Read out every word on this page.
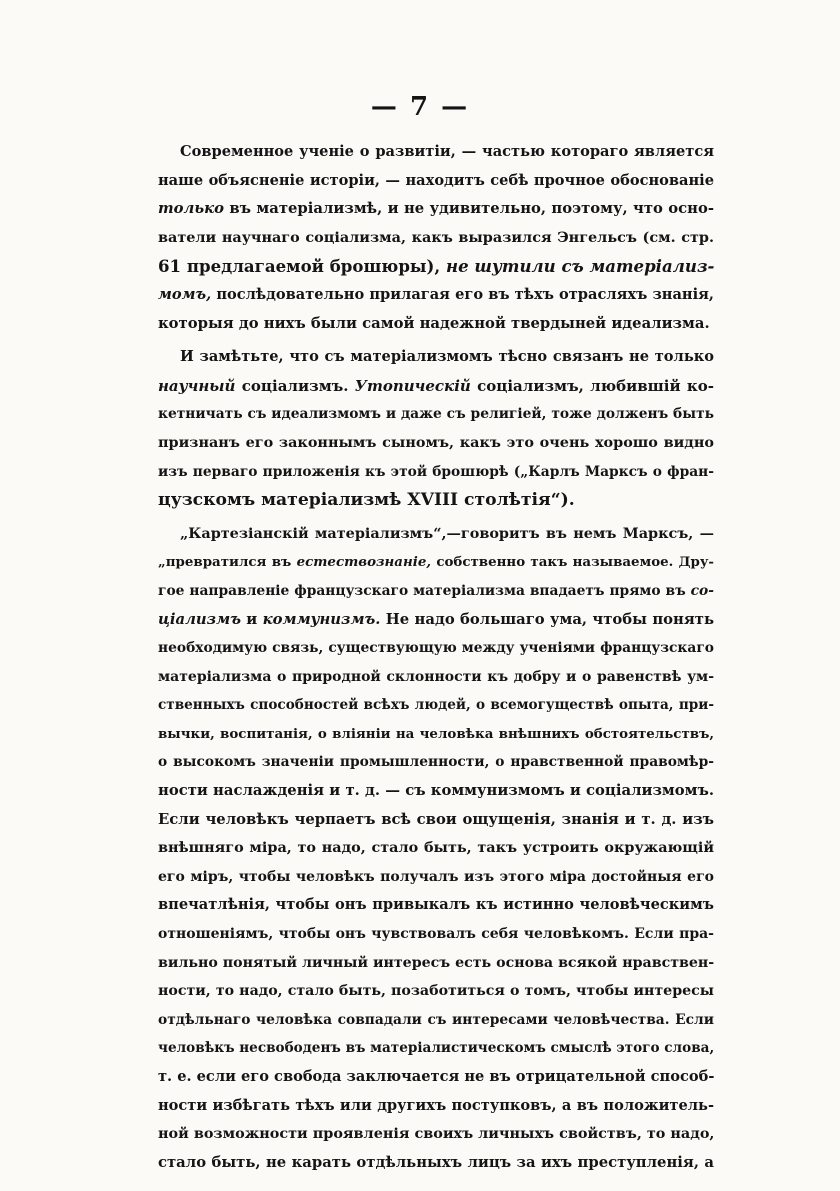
— 7 —
Современное ученiе о развитiи, — частью котораго является
наше объясненiе исторiи, — находитъ себѣ прочное обоснованiе
только въ матерiализмѣ, и не удивительно, поэтому, что осно-
ватели научнаго соцiализма, какъ выразился Энгельсъ (см. стр.
61 предлагаемой брошюры), не шутили съ матерiализ-
момъ, послѣдовательно прилагая его въ тѣхъ отрасляхъ знанiя,
которыя до нихъ были самой надежной твердыней идеализма.
И замѣтьте, что съ матерiализмомъ тѣсно связанъ не только
научный соцiализмъ. Утопическiй соцiализмъ, любившiй ко-
кетничать съ идеализмомъ и даже съ религiей, тоже долженъ быть
признанъ его законнымъ сыномъ, какъ это очень хорошо видно
изъ перваго приложенiя къ этой брошюрѣ („Карлъ Марксъ о фран-
цузскомъ матерiализмѣ XVIII столѣтiя“).
„Картезiанскiй матерiализмъ“,—говоритъ въ немъ Марксъ, —
„превратился въ естествознанiе, собственно такъ называемое. Дру-
гое направленiе французскаго матерiализма впадаетъ прямо въ со-
цiализмъ и коммунизмъ. Не надо большаго ума, чтобы понять
необходимую связь, существующую между ученiями французскаго
матерiализма о природной склонности къ добру и о равенствѣ ум-
ственныхъ способностей всѣхъ людей, о всемогуществѣ опыта, при-
вычки, воспитанiя, о влiянiи на человѣка внѣшнихъ обстоятельствъ,
о высокомъ значенiи промышленности, о нравственной правомѣр-
ности наслажденiя и т. д. — съ коммунизмомъ и соцiализмомъ.
Если человѣкъ черпаетъ всѣ свои ощущенiя, знанiя и т. д. изъ
внѣшняго мiра, то надо, стало быть, такъ устроить окружающiй
его мiръ, чтобы человѣкъ получалъ изъ этого мiра достойныя его
впечатлѣнiя, чтобы онъ привыкалъ къ истинно человѣческимъ
отношенiямъ, чтобы онъ чувствовалъ себя человѣкомъ. Если пра-
вильно понятый личный интересъ есть основа всякой нравствен-
ности, то надо, стало быть, позаботиться о томъ, чтобы интересы
отдѣльнаго человѣка совпадали съ интересами человѣчества. Если
человѣкъ несвободенъ въ матерiалистическомъ смыслѣ этого слова,
т. е. если его свобода заключается не въ отрицательной способ-
ности избѣгать тѣхъ или другихъ поступковъ, а въ положитель-
ной возможности проявленiя своихъ личныхъ свойствъ, то надо,
стало быть, не карать отдѣльныхъ лицъ за ихъ преступленiя, а
